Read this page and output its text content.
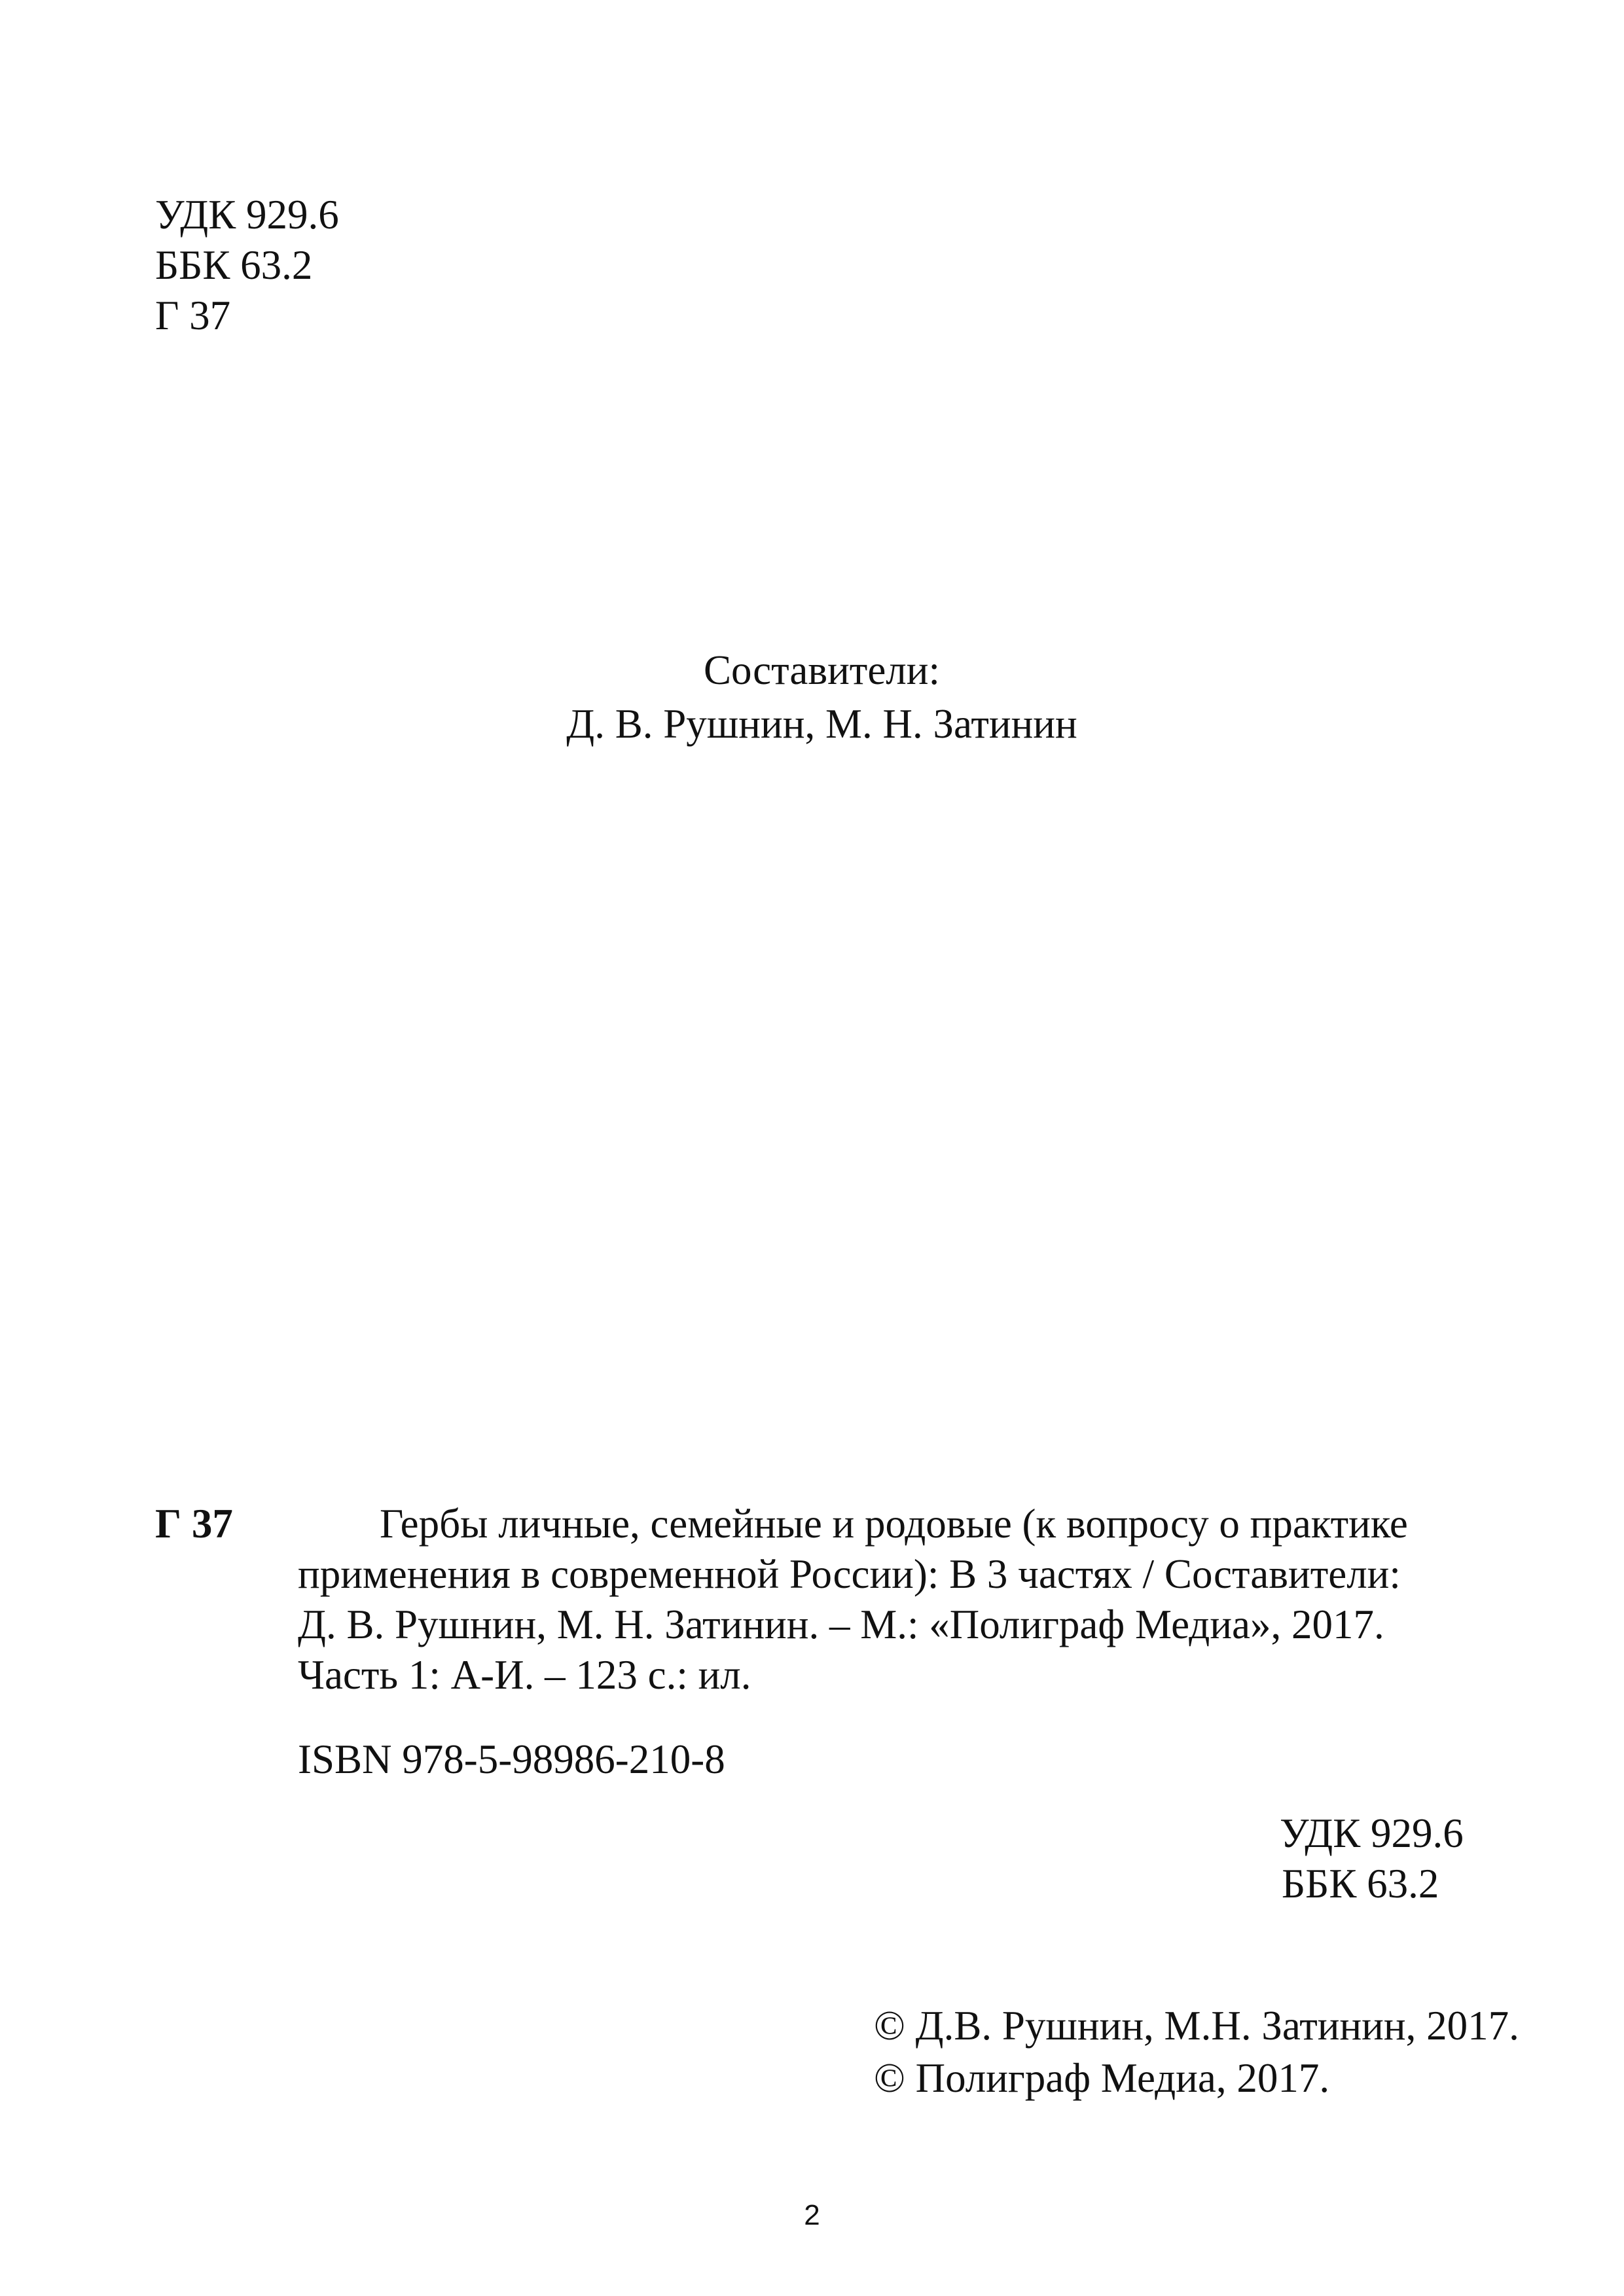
УДК 929.6
ББК 63.2
Г 37
Составители:
Д. В. Рушнин, М. Н. Затинин
Г 37	Гербы личные, семейные и родовые (к вопросу о практике
применения в современной России): В 3 частях / Составители:
Д. В. Рушнин, М. Н. Затинин. – М.: «Полиграф Медиа», 2017.
Часть 1: А-И. – 123 с.: ил.
ISBN 978-5-98986-210-8
УДК 929.6
ББК 63.2
© Д.В. Рушнин, М.Н. Затинин, 2017.
© Полиграф Медиа, 2017.
2
